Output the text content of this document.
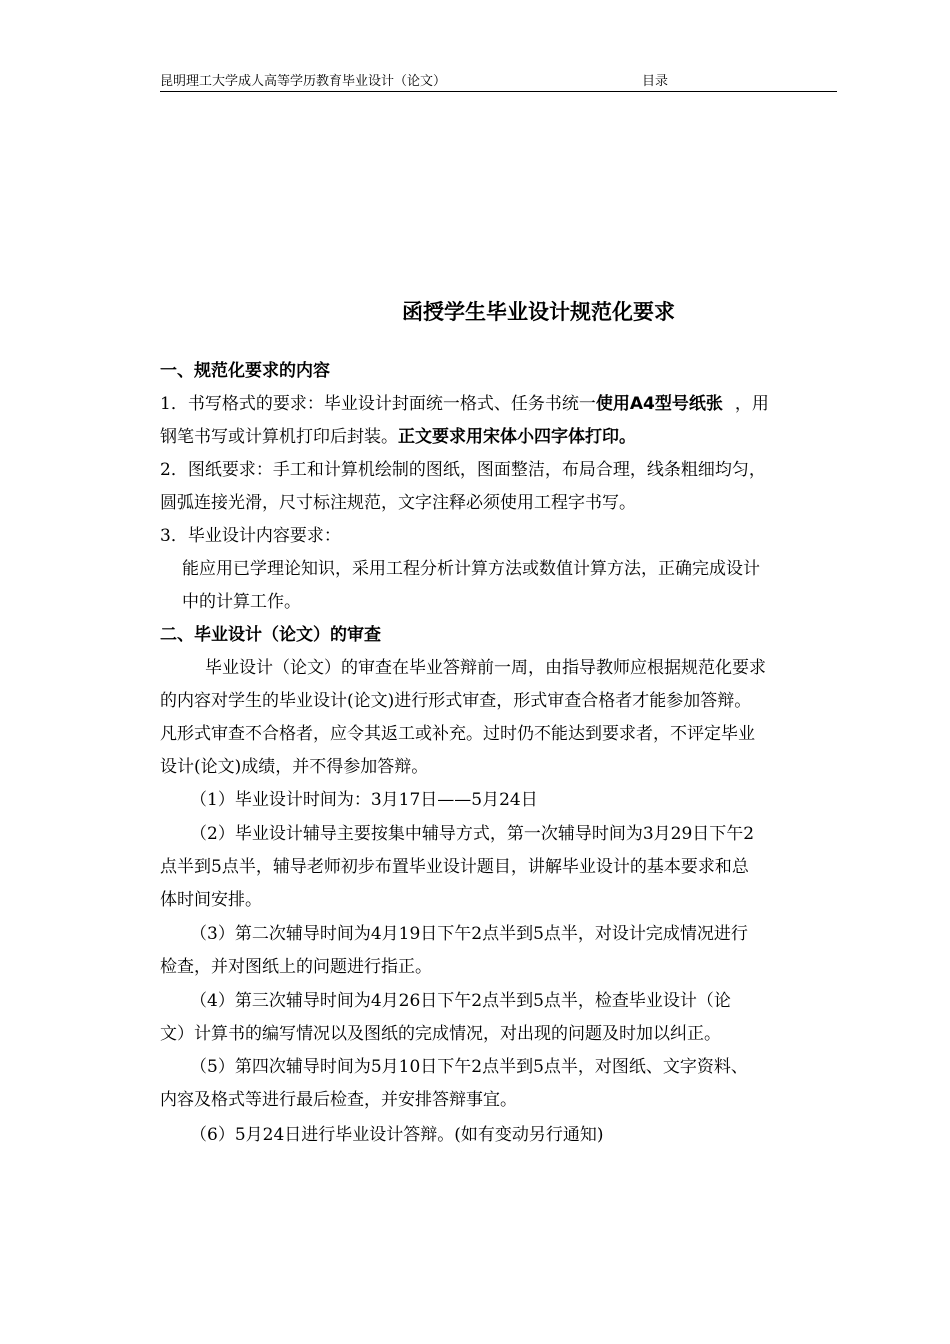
昆明理工大学成人高等学历教育毕业设计（论文）	目录
函授学生毕业设计规范化要求
一、规范化要求的内容
1．书写格式的要求：毕业设计封面统一格式、任务书统一使用A4型号纸张 ，用
钢笔书写或计算机打印后封装。正文要求用宋体小四字体打印。
2．图纸要求：手工和计算机绘制的图纸，图面整洁，布局合理，线条粗细均匀，
圆弧连接光滑，尺寸标注规范，文字注释必须使用工程字书写。
3．毕业设计内容要求：
能应用已学理论知识，采用工程分析计算方法或数值计算方法，正确完成设计
中的计算工作。
二、毕业设计（论文）的审查
毕业设计（论文）的审查在毕业答辩前一周，由指导教师应根据规范化要求
的内容对学生的毕业设计(论文)进行形式审查，形式审查合格者才能参加答辩。
凡形式审查不合格者，应令其返工或补充。过时仍不能达到要求者，不评定毕业
设计(论文)成绩，并不得参加答辩。
（1）毕业设计时间为：3月17日——5月24日
（2）毕业设计辅导主要按集中辅导方式，第一次辅导时间为3月29日下午2
点半到5点半，辅导老师初步布置毕业设计题目，讲解毕业设计的基本要求和总
体时间安排。
（3）第二次辅导时间为4月19日下午2点半到5点半，对设计完成情况进行
检查，并对图纸上的问题进行指正。
（4）第三次辅导时间为4月26日下午2点半到5点半，检查毕业设计（论
文）计算书的编写情况以及图纸的完成情况，对出现的问题及时加以纠正。
（5）第四次辅导时间为5月10日下午2点半到5点半，对图纸、文字资料、
内容及格式等进行最后检查，并安排答辩事宜。
（6）5月24日进行毕业设计答辩。(如有变动另行通知)
